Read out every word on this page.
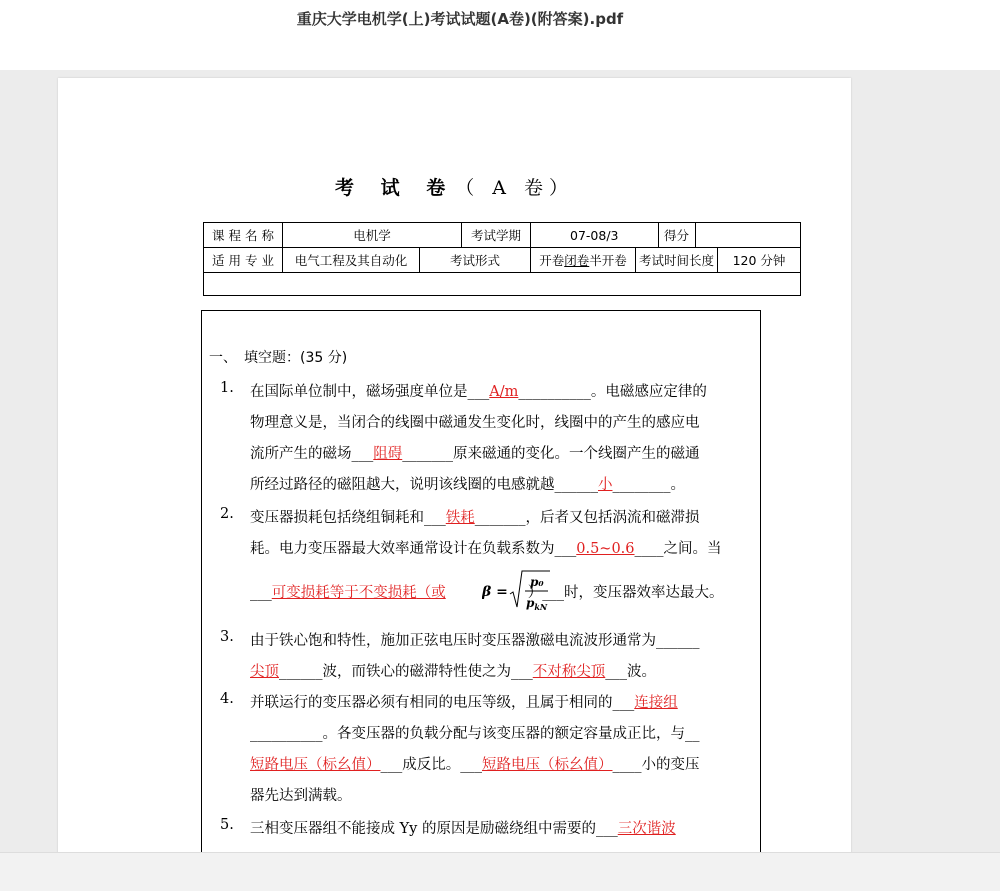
重庆大学电机学(上)考试试题(A卷)(附答案).pdf
考 试 卷（ A 卷）
课 程 名 称	电机学		考试学期	07-08/3		得分		
适 用 专 业	电气工程及其自动化	考试形式		开卷闭卷半开卷	考试时间长度			120 分钟

一、　填空题：(35 分)
1. 在国际单位制中，磁场强度单位是___A/m__________。电磁感应定律的
物理意义是，当闭合的线圈中磁通发生变化时，线圈中的产生的感应电
流所产生的磁场___阻碍_______原来磁通的变化。一个线圈产生的磁通
所经过路径的磁阻越大，说明该线圈的电感就越______小________。
2. 变压器损耗包括绕组铜耗和___铁耗_______，后者又包括涡流和磁滞损
耗。电力变压器最大效率通常设计在负载系数为___0.5~0.6____之间。当
___可变损耗等于不变损耗（或	）___时，变压器效率达最大。
β =
p₀
$p_{kN}$
3. 由于铁心饱和特性，施加正弦电压时变压器激磁电流波形通常为______
尖顶______波，而铁心的磁滞特性使之为___不对称尖顶___波。
4. 并联运行的变压器必须有相同的电压等级，且属于相同的___连接组
__________。各变压器的负载分配与该变压器的额定容量成正比，与__
短路电压（标幺值）___成反比。___短路电压（标幺值）____小的变压
器先达到满载。
5. 三相变压器组不能接成 Yy 的原因是励磁绕组中需要的___三次谐波
